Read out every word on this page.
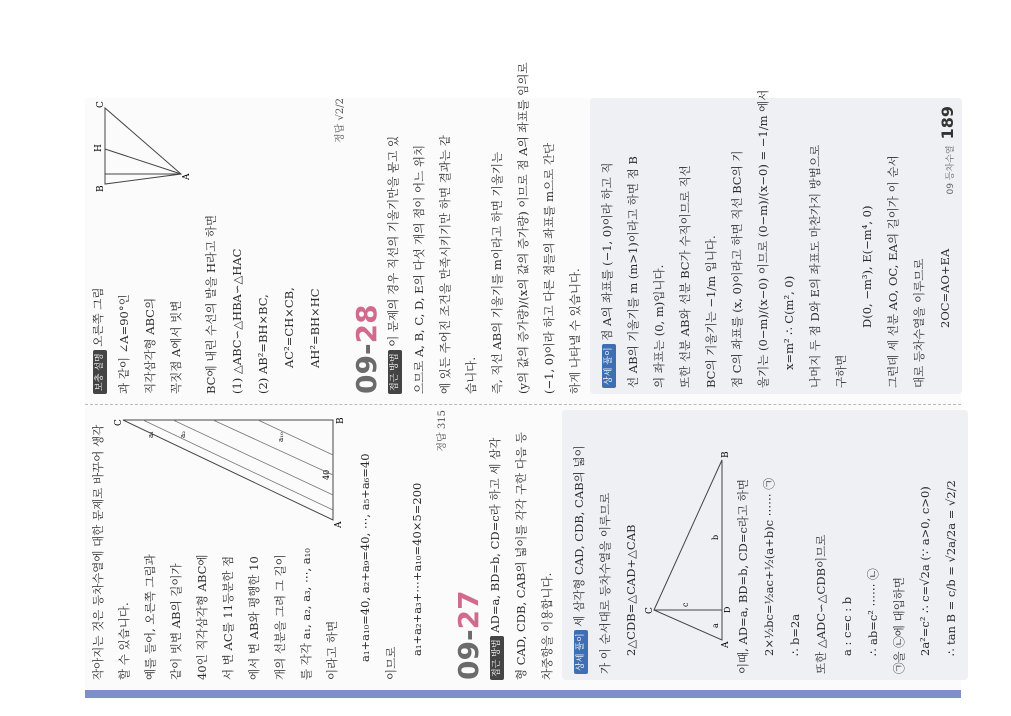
작아지는 것은 등차수열에 대한 문제로 바꾸어 생각	할 수 있습니다.	예를 들어, 오른쪽 그림과	같이 빗변 AB의 길이가	40인 직각삼각형 ABC에	서 변 AC를 11등분한 점	에서 변 AB와 평행한 10	개의 선분을 그려 그 길이	를 각각 a₁, a₂, a₃, ⋯, a₁₀	이라고 하면
A
B
C
40
a₁	a₂	a₁₀
a₁+a₁₀=40, a₂+a₉=40, ⋯, a₅+a₆=40
이므로
a₁+a₂+a₃+⋯+a₁₀=40×5=200
정답 315
09-27
접근 방법 AD=a, BD=b, CD=c라 하고 세 삼각	형 CAD, CDB, CAB의 넓이를 각각 구한 다음 등	차중항을 이용합니다.	상세 풀이 세 삼각형 CAD, CDB, CAB의 넓이	가 이 순서대로 등차수열을 이루므로	2△CDB=△CAD+△CAB	A
B
C	D
a
b
c	이때, AD=a, BD=b, CD=c라고 하면	2×½bc=½ac+½(a+b)c ⋯⋯ ㉠	∴ b=2a	또한 △ADC∽△CDB이므로	a : c=c : b	∴ ab=c² ⋯⋯ ㉡	㉠을 ㉡에 대입하면	2a²=c² ∴ c=√2a (∵ a>0, c>0)	∴ tan B = c/b = √2a/2a = √2/2
보충 설명 오른쪽 그림	과 같이 ∠A=90°인	직각삼각형 ABC의	꼭짓점 A에서 빗변
A
B
C
H
BC에 내린 수선의 발을 H라고 하면	(1) △ABC∽△HBA∽△HAC	(2) AB²=BH×BC,	AC²=CH×CB,	AH²=BH×HC
정답 √2/2
09-28
접근 방법 이 문제의 경우 직선의 기울기만을 묻고 있	으므로 A, B, C, D, E의 다섯 개의 점이 어느 위치	에 있든 주어진 조건을 만족시키기만 하면 결과는 같	습니다.	즉, 직선 AB의 기울기를 m이라고 하면 기울기는	(y의 값의 증가량)/(x의 값의 증가량) 이므로 점 A의 좌표를 임의로	(−1, 0)이라 하고 다른 점들의 좌표를 m으로 간단	하게 나타낼 수 있습니다.	상세 풀이 점 A의 좌표를 (−1, 0)이라 하고 직	선 AB의 기울기를 m (m>1)이라고 하면 점 B	의 좌표는 (0, m)입니다.	또한 선분 AB와 선분 BC가 수직이므로 직선	BC의 기울기는 −1/m 입니다.	점 C의 좌표를 (x, 0)이라고 하면 직선 BC의 기	울기는 (0−m)/(x−0) 이므로 (0−m)/(x−0) = −1/m 에서	x=m² ∴ C(m², 0)	나머지 두 점 D와 E의 좌표도 마찬가지 방법으로	구하면
D(0, −m³), E(−m⁴, 0)	그런데 세 선분 AO, OC, EA의 길이가 이 순서	대로 등차수열을 이루므로	2OC=AO+EA
09 등차수열189
